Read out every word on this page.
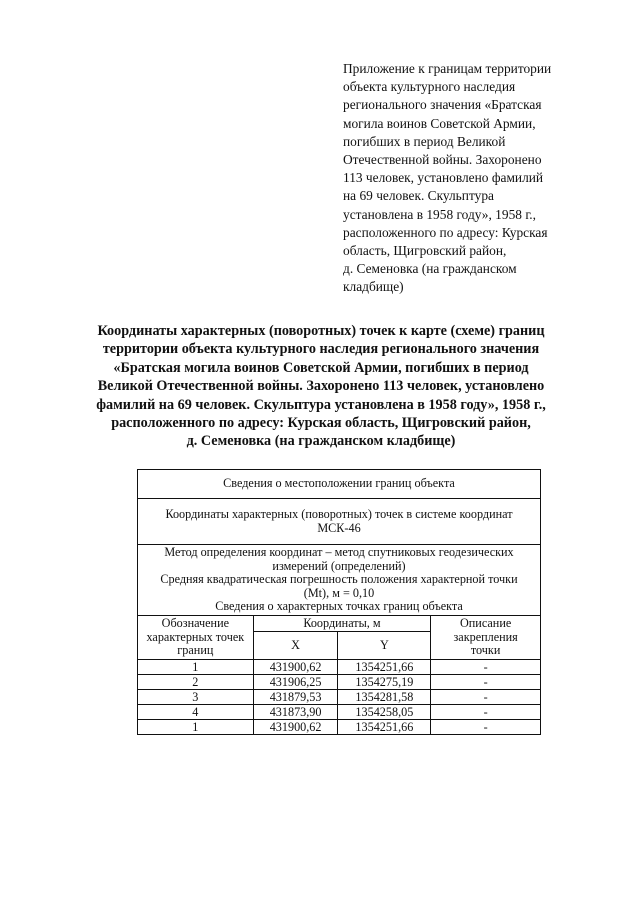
Приложение к границам территории
объекта культурного наследия
регионального значения «Братская
могила воинов Советской Армии,
погибших в период Великой
Отечественной войны. Захоронено
113 человек, установлено фамилий
на 69 человек. Скульптура
установлена в 1958 году», 1958 г.,
расположенного по адресу: Курская
область, Щигровский район,
д. Семеновка (на гражданском
кладбище)
Координаты характерных (поворотных) точек к карте (схеме) границ
территории объекта культурного наследия регионального значения
«Братская могила воинов Советской Армии, погибших в период
Великой Отечественной войны. Захоронено 113 человек, установлено
фамилий на 69 человек. Скульптура установлена в 1958 году», 1958 г.,
расположенного по адресу: Курская область, Щигровский район,
д. Семеновка (на гражданском кладбище)
Сведения о местоположении границ объекта			

Координаты характерных (поворотных) точек в системе координат
МСК-46			

Метод определения координат – метод спутниковых геодезических
измерений (определений)
Средняя квадратическая погрешность положения характерной точки
(Mt), м = 0,10
Сведения о характерных точках границ объекта			

Обозначение
характерных точек
границ	Координаты, м		Описание
закрепления
точки

	X	Y	
1	431900,62	1354251,66	-
2	431906,25	1354275,19	-
3	431879,53	1354281,58	-
4	431873,90	1354258,05	-
1	431900,62	1354251,66	-
